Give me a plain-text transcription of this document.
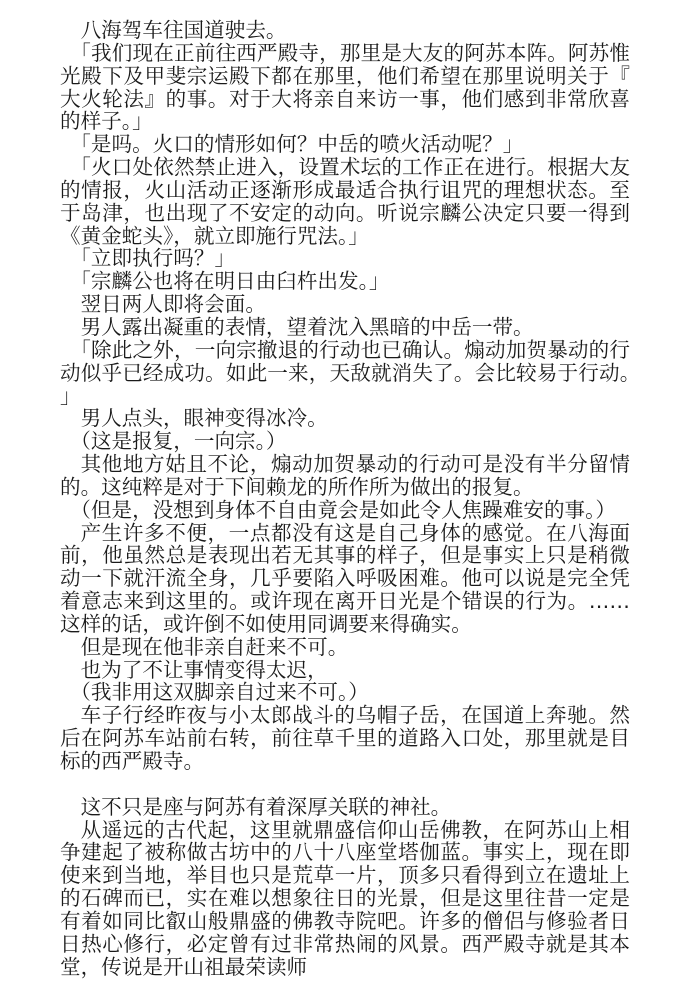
八海驾车往国道驶去。

「我们现在正前往西严殿寺，那里是大友的阿苏本阵。阿苏惟光殿下及甲斐宗运殿下都在那里，他们希望在那里说明关于『大火轮法』的事。对于大将亲自来访一事，他们感到非常欣喜的样子。」

「是吗。火口的情形如何？中岳的喷火活动呢？」

「火口处依然禁止进入，设置术坛的工作正在进行。根据大友的情报，火山活动正逐渐形成最适合执行诅咒的理想状态。至于岛津，也出现了不安定的动向。听说宗麟公决定只要一得到《黄金蛇头》，就立即施行咒法。」

「立即执行吗？」

「宗麟公也将在明日由臼杵出发。」

翌日两人即将会面。

男人露出凝重的表情，望着沈入黑暗的中岳一带。

「除此之外，一向宗撤退的行动也已确认。煽动加贺暴动的行动似乎已经成功。如此一来，天敌就消失了。会比较易于行动。」

男人点头，眼神变得冰冷。

（这是报复，一向宗。）

其他地方姑且不论，煽动加贺暴动的行动可是没有半分留情的。这纯粹是对于下间赖龙的所作所为做出的报复。

（但是，没想到身体不自由竟会是如此令人焦躁难安的事。）

产生许多不便，一点都没有这是自己身体的感觉。在八海面前，他虽然总是表现出若无其事的样子，但是事实上只是稍微动一下就汗流全身，几乎要陷入呼吸困难。他可以说是完全凭着意志来到这里的。或许现在离开日光是个错误的行为。……这样的话，或许倒不如使用同调要来得确实。

但是现在他非亲自赶来不可。

也为了不让事情变得太迟，

（我非用这双脚亲自过来不可。）

车子行经昨夜与小太郎战斗的乌帽子岳，在国道上奔驰。然后在阿苏车站前右转，前往草千里的道路入口处，那里就是目标的西严殿寺。

这不只是座与阿苏有着深厚关联的神社。

从遥远的古代起，这里就鼎盛信仰山岳佛教，在阿苏山上相争建起了被称做古坊中的八十八座堂塔伽蓝。事实上，现在即使来到当地，举目也只是荒草一片，顶多只看得到立在遗址上的石碑而已，实在难以想象往日的光景，但是这里往昔一定是有着如同比叡山般鼎盛的佛教寺院吧。许多的僧侣与修验者日日热心修行，必定曾有过非常热闹的风景。西严殿寺就是其本堂，传说是开山祖最荣读师
